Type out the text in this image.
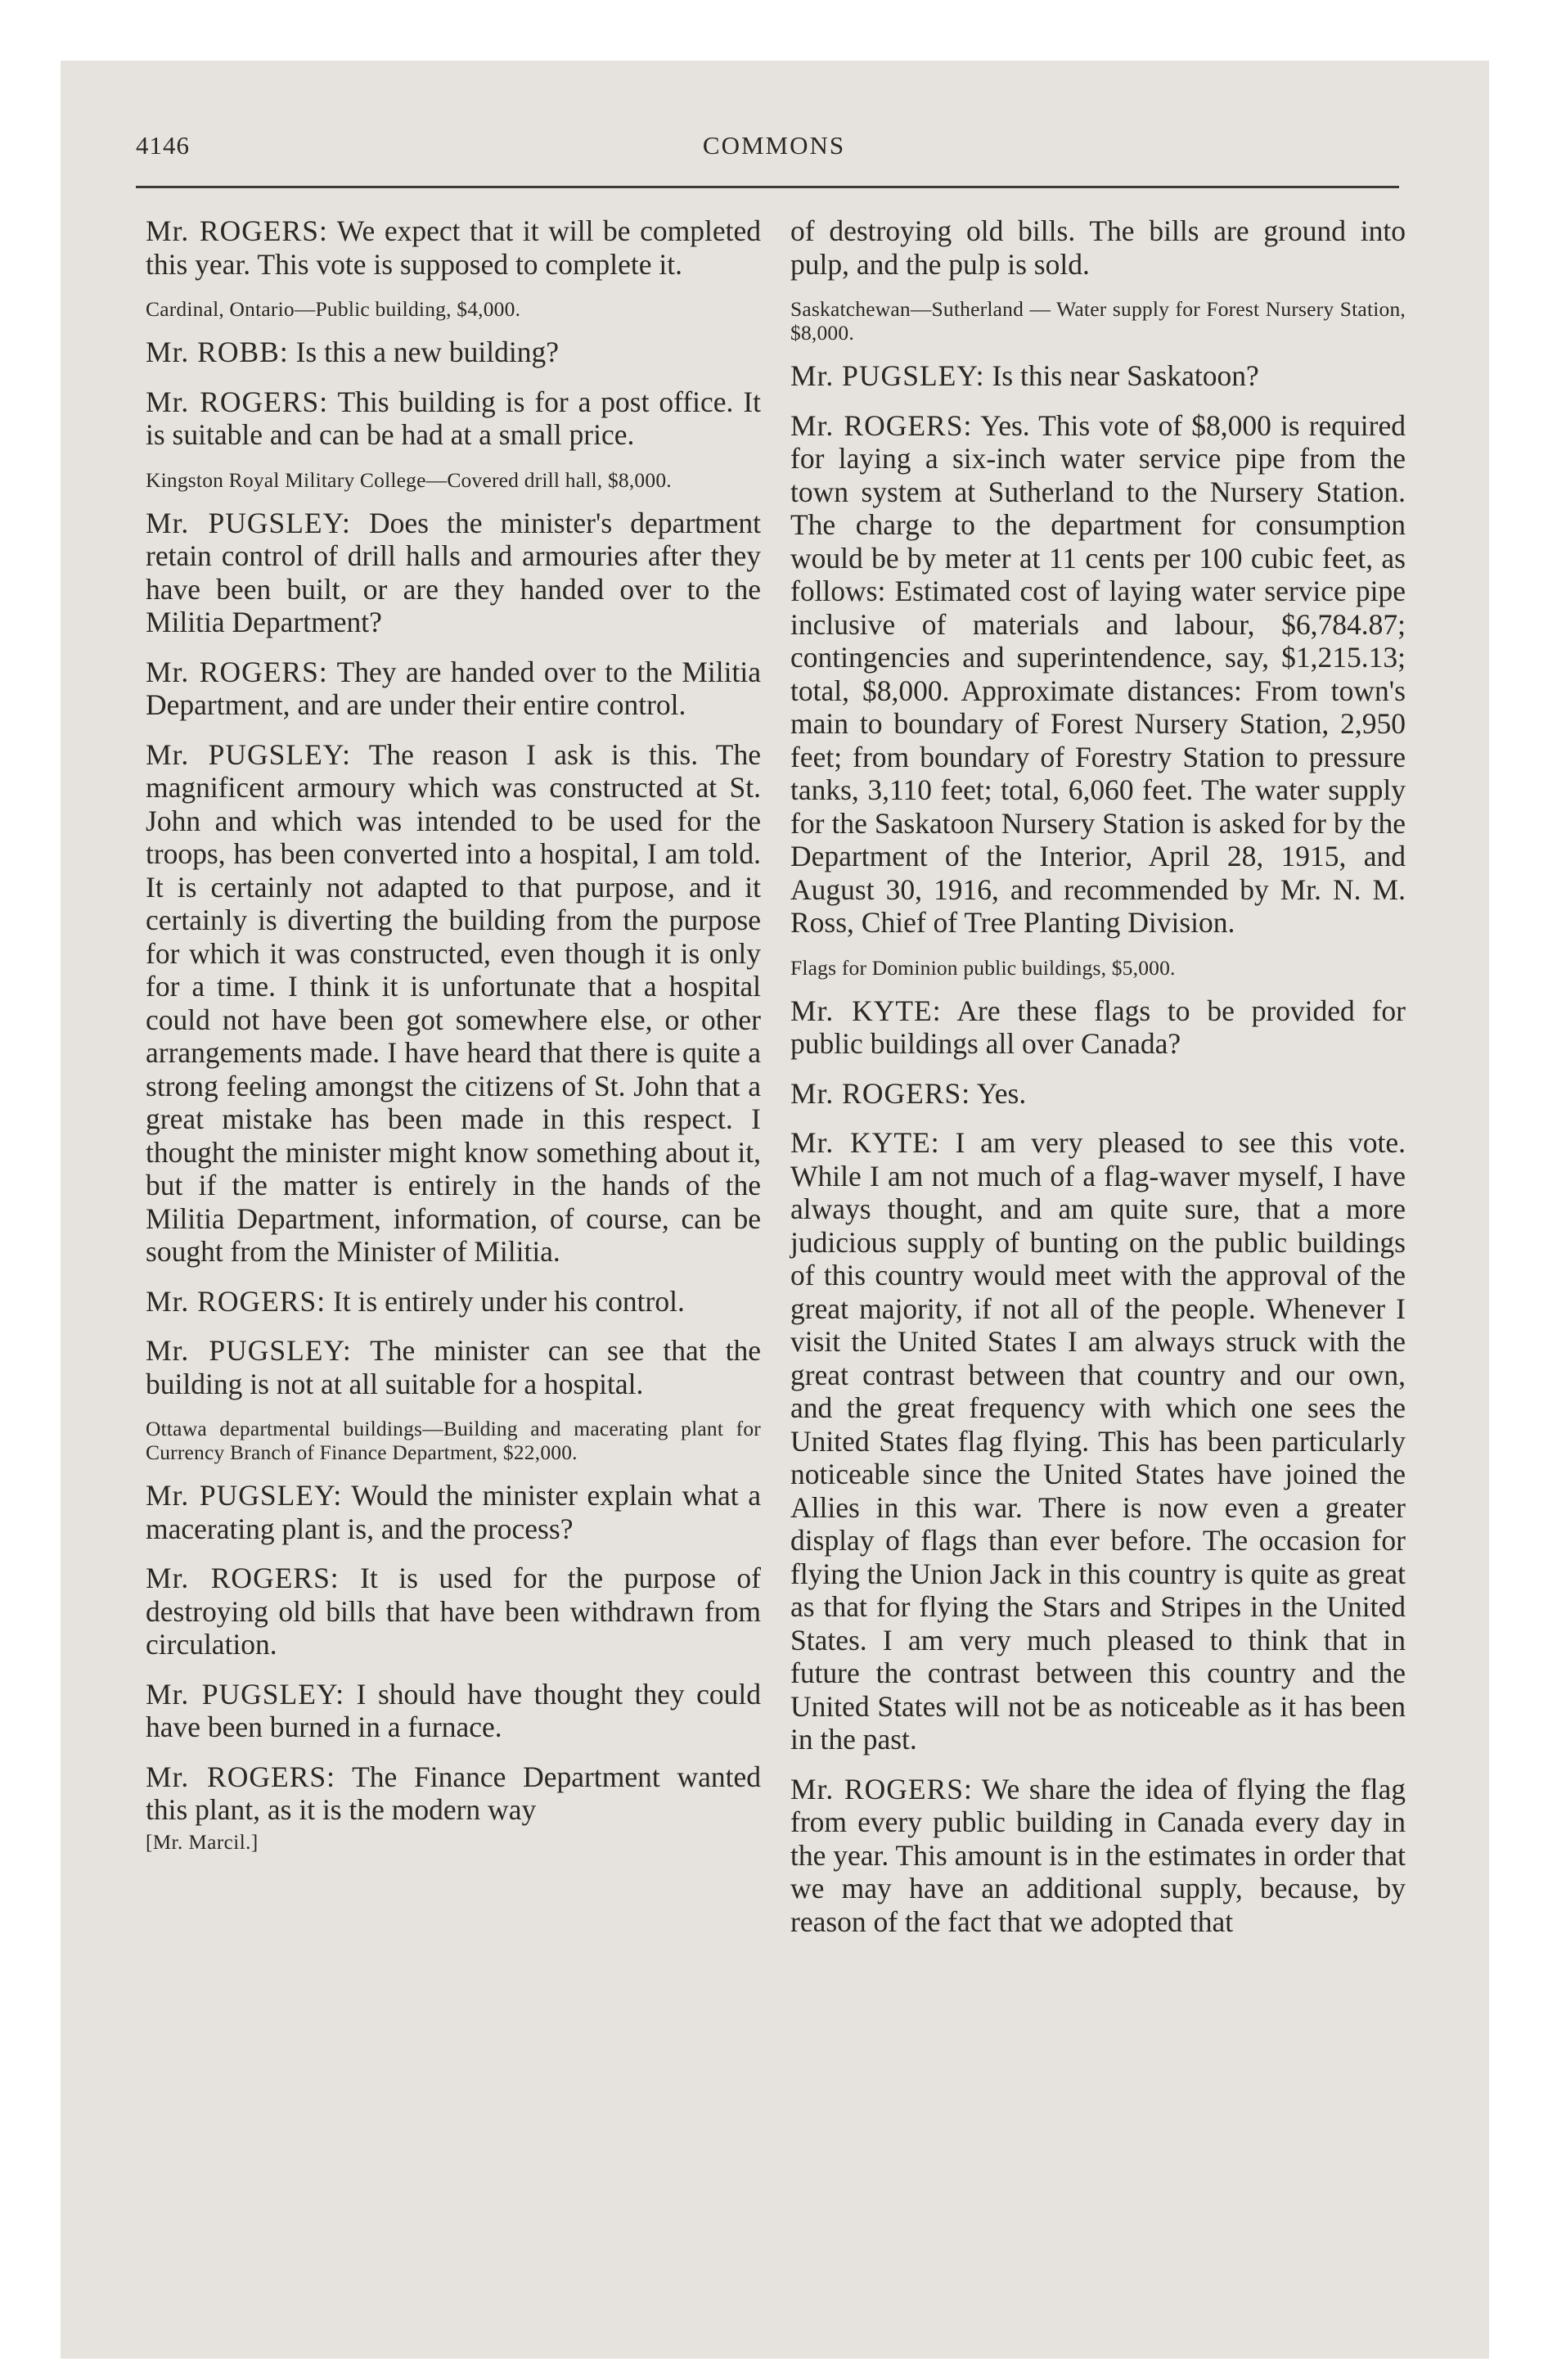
4146	COMMONS

Mr. ROGERS: We expect that it will be completed this year. This vote is supposed to complete it.

Cardinal, Ontario—Public building, $4,000.

Mr. ROBB: Is this a new building?

Mr. ROGERS: This building is for a post office. It is suitable and can be had at a small price.

Kingston Royal Military College—Covered drill hall, $8,000.

Mr. PUGSLEY: Does the minister's department retain control of drill halls and armouries after they have been built, or are they handed over to the Militia Department?

Mr. ROGERS: They are handed over to the Militia Department, and are under their entire control.

Mr. PUGSLEY: The reason I ask is this. The magnificent armoury which was constructed at St. John and which was intended to be used for the troops, has been converted into a hospital, I am told. It is certainly not adapted to that purpose, and it certainly is diverting the building from the purpose for which it was constructed, even though it is only for a time. I think it is unfortunate that a hospital could not have been got somewhere else, or other arrangements made. I have heard that there is quite a strong feeling amongst the citizens of St. John that a great mistake has been made in this respect. I thought the minister might know something about it, but if the matter is entirely in the hands of the Militia Department, information, of course, can be sought from the Minister of Militia.

Mr. ROGERS: It is entirely under his control.

Mr. PUGSLEY: The minister can see that the building is not at all suitable for a hospital.

Ottawa departmental buildings—Building and macerating plant for Currency Branch of Finance Department, $22,000.

Mr. PUGSLEY: Would the minister explain what a macerating plant is, and the process?

Mr. ROGERS: It is used for the purpose of destroying old bills that have been withdrawn from circulation.

Mr. PUGSLEY: I should have thought they could have been burned in a furnace.

Mr. ROGERS: The Finance Department wanted this plant, as it is the modern way

[Mr. Marcil.]

of destroying old bills. The bills are ground into pulp, and the pulp is sold.

Saskatchewan—Sutherland — Water supply for Forest Nursery Station, $8,000.

Mr. PUGSLEY: Is this near Saskatoon?

Mr. ROGERS: Yes. This vote of $8,000 is required for laying a six-inch water service pipe from the town system at Sutherland to the Nursery Station. The charge to the department for consumption would be by meter at 11 cents per 100 cubic feet, as follows: Estimated cost of laying water service pipe inclusive of materials and labour, $6,784.87; contingencies and superintendence, say, $1,215.13; total, $8,000. Approximate distances: From town's main to boundary of Forest Nursery Station, 2,950 feet; from boundary of Forestry Station to pressure tanks, 3,110 feet; total, 6,060 feet. The water supply for the Saskatoon Nursery Station is asked for by the Department of the Interior, April 28, 1915, and August 30, 1916, and recommended by Mr. N. M. Ross, Chief of Tree Planting Division.

Flags for Dominion public buildings, $5,000.

Mr. KYTE: Are these flags to be provided for public buildings all over Canada?

Mr. ROGERS: Yes.

Mr. KYTE: I am very pleased to see this vote. While I am not much of a flag-waver myself, I have always thought, and am quite sure, that a more judicious supply of bunting on the public buildings of this country would meet with the approval of the great majority, if not all of the people. Whenever I visit the United States I am always struck with the great contrast between that country and our own, and the great frequency with which one sees the United States flag flying. This has been particularly noticeable since the United States have joined the Allies in this war. There is now even a greater display of flags than ever before. The occasion for flying the Union Jack in this country is quite as great as that for flying the Stars and Stripes in the United States. I am very much pleased to think that in future the contrast between this country and the United States will not be as noticeable as it has been in the past.

Mr. ROGERS: We share the idea of flying the flag from every public building in Canada every day in the year. This amount is in the estimates in order that we may have an additional supply, because, by reason of the fact that we adopted that
